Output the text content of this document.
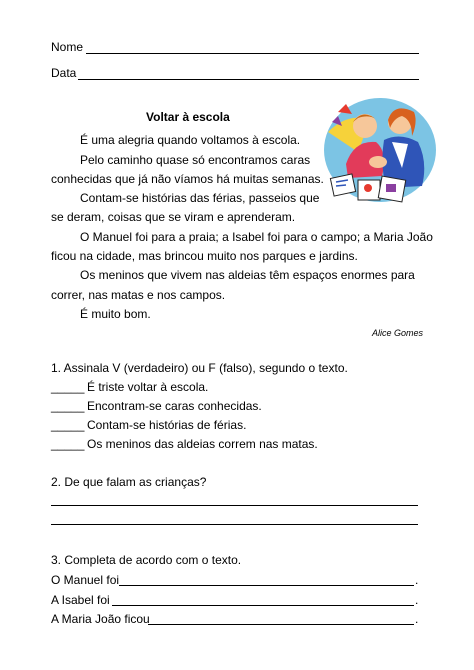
Nome
Data
Voltar à escola
É uma alegria quando voltamos à escola.
Pelo caminho quase só encontramos caras
conhecidas que já não víamos há muitas semanas.
Contam-se histórias das férias, passeios que
se deram, coisas que se viram e aprenderam.
O Manuel foi para a praia; a Isabel foi para o campo; a Maria João
ficou na cidade, mas brincou muito nos parques e jardins.
Os meninos que vivem nas aldeias têm espaços enormes para
correr, nas matas e nos campos.
É muito bom.
Alice Gomes
1. Assinala V (verdadeiro) ou F (falso), segundo o texto.
_____ É triste voltar à escola.
_____ Encontram-se caras conhecidas.
_____ Contam-se histórias de férias.
_____ Os meninos das aldeias correm nas matas.
2. De que falam as crianças?
3. Completa de acordo com o texto.
O Manuel foi	.
A Isabel foi	.
A Maria João ficou	.
